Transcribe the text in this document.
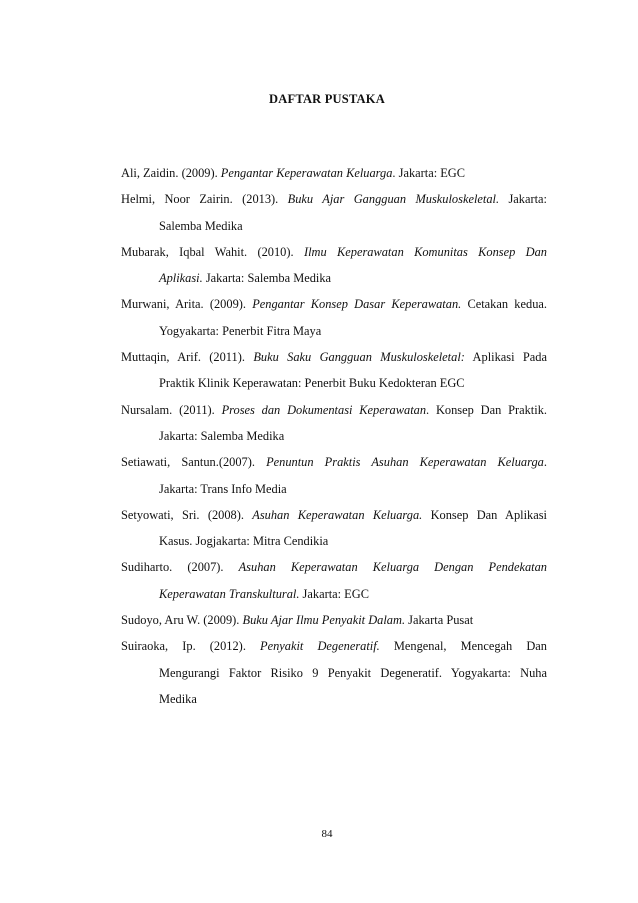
DAFTAR PUSTAKA

Ali, Zaidin. (2009). Pengantar Keperawatan Keluarga. Jakarta: EGC

Helmi, Noor Zairin. (2013). Buku Ajar Gangguan Muskuloskeletal. Jakarta:
Salemba Medika

Mubarak, Iqbal Wahit. (2010). Ilmu Keperawatan Komunitas Konsep Dan
Aplikasi. Jakarta: Salemba Medika

Murwani, Arita. (2009). Pengantar Konsep Dasar Keperawatan. Cetakan kedua.
Yogyakarta: Penerbit Fitra Maya

Muttaqin, Arif. (2011). Buku Saku Gangguan Muskuloskeletal: Aplikasi Pada
Praktik Klinik Keperawatan: Penerbit Buku Kedokteran EGC

Nursalam. (2011). Proses dan Dokumentasi Keperawatan. Konsep Dan Praktik.
Jakarta: Salemba Medika

Setiawati, Santun.(2007). Penuntun Praktis Asuhan Keperawatan Keluarga.
Jakarta: Trans Info Media

Setyowati, Sri. (2008). Asuhan Keperawatan Keluarga. Konsep Dan Aplikasi
Kasus. Jogjakarta: Mitra Cendikia

Sudiharto. (2007). Asuhan Keperawatan Keluarga Dengan Pendekatan
Keperawatan Transkultural. Jakarta: EGC

Sudoyo, Aru W. (2009). Buku Ajar Ilmu Penyakit Dalam. Jakarta Pusat

Suiraoka, Ip. (2012). Penyakit Degeneratif. Mengenal, Mencegah Dan
Mengurangi Faktor Risiko 9 Penyakit Degeneratif. Yogyakarta: Nuha
Medika

84
